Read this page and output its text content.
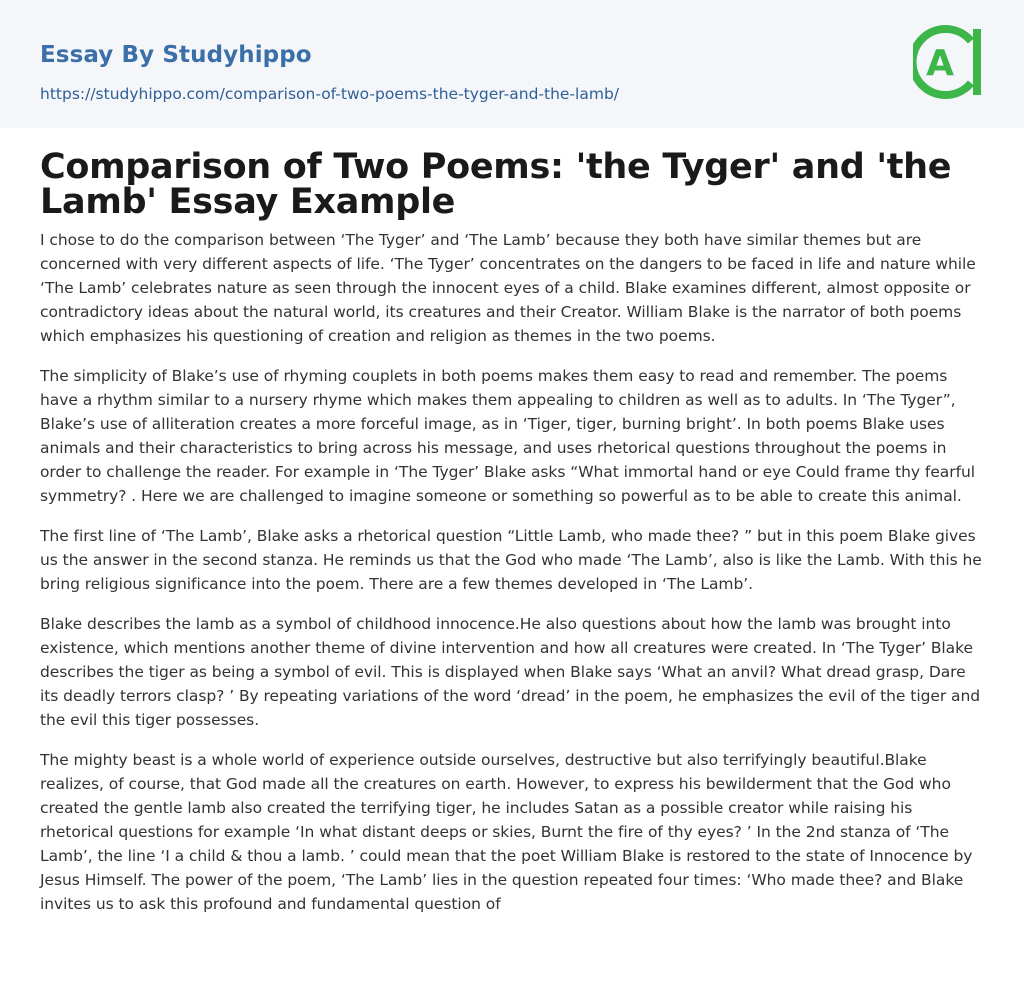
Essay By Studyhippo
https://studyhippo.com/comparison-of-two-poems-the-tyger-and-the-lamb/
A
Comparison of Two Poems: 'the Tyger' and 'the Lamb' Essay Example

I chose to do the comparison between ‘The Tyger’ and ‘The Lamb’ because they both have similar themes but are concerned with very different aspects of life. ‘The Tyger’ concentrates on the dangers to be faced in life and nature while ‘The Lamb’ celebrates nature as seen through the innocent eyes of a child. Blake examines different, almost opposite or contradictory ideas about the natural world, its creatures and their Creator. William Blake is the narrator of both poems which emphasizes his questioning of creation and religion as themes in the two poems.

The simplicity of Blake’s use of rhyming couplets in both poems makes them easy to read and remember. The poems have a rhythm similar to a nursery rhyme which makes them appealing to children as well as to adults. In ‘The Tyger”, Blake’s use of alliteration creates a more forceful image, as in ‘Tiger, tiger, burning bright’. In both poems Blake uses animals and their characteristics to bring across his message, and uses rhetorical questions throughout the poems in order to challenge the reader. For example in ‘The Tyger’ Blake asks “What immortal hand or eye Could frame thy fearful symmetry? . Here we are challenged to imagine someone or something so powerful as to be able to create this animal.

The first line of ‘The Lamb’, Blake asks a rhetorical question “Little Lamb, who made thee? ” but in this poem Blake gives us the answer in the second stanza. He reminds us that the God who made ‘The Lamb’, also is like the Lamb. With this he bring religious significance into the poem. There are a few themes developed in ‘The Lamb’.

Blake describes the lamb as a symbol of childhood innocence.He also questions about how the lamb was brought into existence, which mentions another theme of divine intervention and how all creatures were created. In ‘The Tyger’ Blake describes the tiger as being a symbol of evil. This is displayed when Blake says ‘What an anvil? What dread grasp, Dare its deadly terrors clasp? ’ By repeating variations of the word ‘dread’ in the poem, he emphasizes the evil of the tiger and the evil this tiger possesses.

The mighty beast is a whole world of experience outside ourselves, destructive but also terrifyingly beautiful.Blake realizes, of course, that God made all the creatures on earth. However, to express his bewilderment that the God who created the gentle lamb also created the terrifying tiger, he includes Satan as a possible creator while raising his rhetorical questions for example ‘In what distant deeps or skies, Burnt the fire of thy eyes? ’ In the 2nd stanza of ‘The Lamb’, the line ‘I a child & thou a lamb. ’ could mean that the poet William Blake is restored to the state of Innocence by Jesus Himself. The power of the poem, ‘The Lamb’ lies in the question repeated four times: ‘Who made thee? and Blake invites us to ask this profound and fundamental question of
